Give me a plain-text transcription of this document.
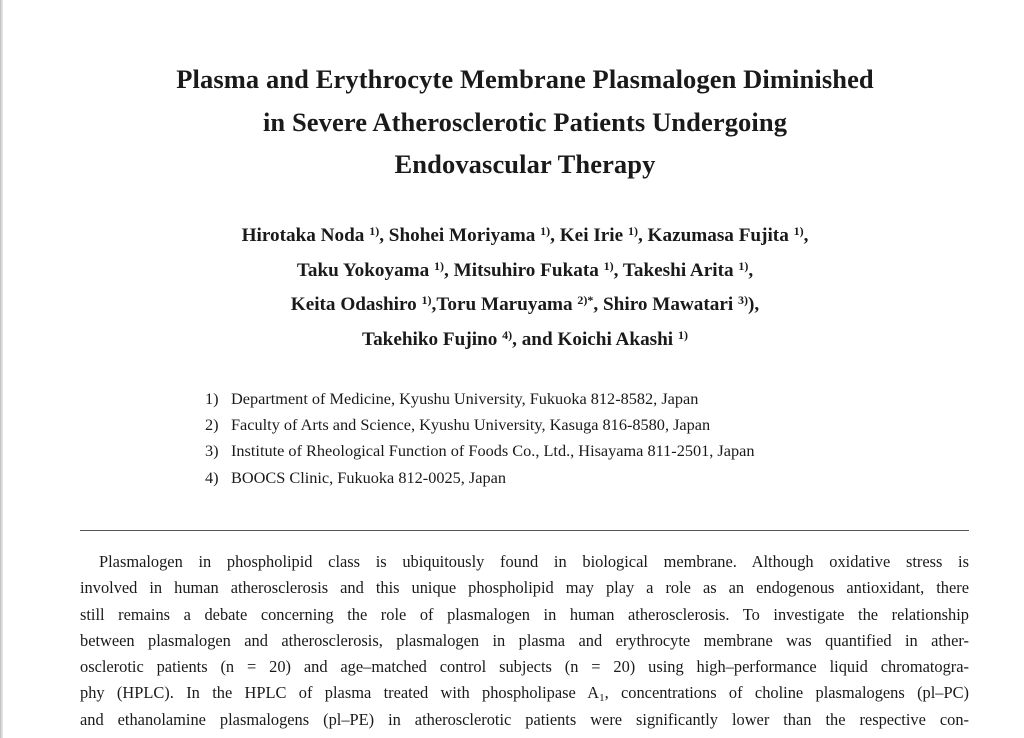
Plasma and Erythrocyte Membrane Plasmalogen Diminished
in Severe Atherosclerotic Patients Undergoing
Endovascular Therapy
Hirotaka Noda $^{1)}$, Shohei Moriyama $^{1)}$, Kei Irie $^{1)}$, Kazumasa Fujita $^{1)}$,
Taku Yokoyama $^{1)}$, Mitsuhiro Fukata $^{1)}$, Takeshi Arita $^{1)}$,
Keita Odashiro $^{1)}$,Toru Maruyama $^{2)*}$, Shiro Mawatari $^{3)}$),
Takehiko Fujino $^{4)}$, and Koichi Akashi $^{1)}$
1) Department of Medicine, Kyushu University, Fukuoka 812-8582, Japan
2) Faculty of Arts and Science, Kyushu University, Kasuga 816-8580, Japan
3) Institute of Rheological Function of Foods Co., Ltd., Hisayama 811-2501, Japan
4) BOOCS Clinic, Fukuoka 812-0025, Japan
Plasmalogen in phospholipid class is ubiquitously found in biological membrane. Although oxidative stress is
involved in human atherosclerosis and this unique phospholipid may play a role as an endogenous antioxidant, there
still remains a debate concerning the role of plasmalogen in human atherosclerosis. To investigate the relationship
between plasmalogen and atherosclerosis, plasmalogen in plasma and erythrocyte membrane was quantified in ather-
osclerotic patients (n = 20) and age–matched control subjects (n = 20) using high–performance liquid chromatogra-
phy (HPLC). In the HPLC of plasma treated with phospholipase $A_1$, concentrations of choline plasmalogens (pl–PC)
and ethanolamine plasmalogens (pl–PE) in atherosclerotic patients were significantly lower than the respective con-
